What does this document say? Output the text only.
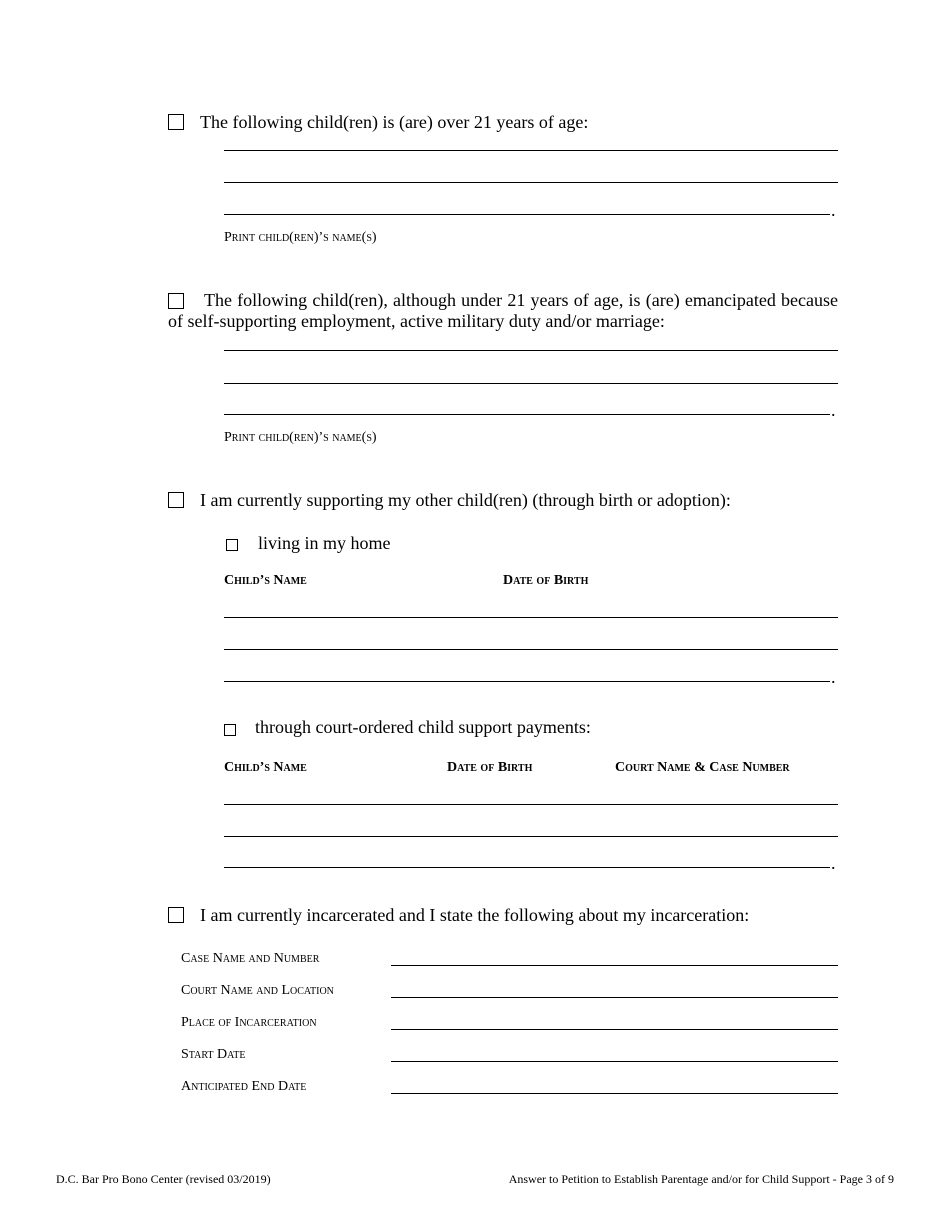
The following child(ren) is (are) over 21 years of age:
.
Print child(ren)’s name(s)
The following child(ren), although under 21 years of age, is (are) emancipated because of self-supporting employment, active military duty and/or marriage:
.
Print child(ren)’s name(s)
I am currently supporting my other child(ren) (through birth or adoption):
living in my home
Child’s Name	Date of Birth
.
through court-ordered child support payments:
Child’s Name	Date of Birth	Court Name & Case Number
.
I am currently incarcerated and I state the following about my incarceration:
Case Name and Number
Court Name and Location
Place of Incarceration
Start Date
Anticipated End Date
D.C. Bar Pro Bono Center (revised 03/2019)	Answer to Petition to Establish Parentage and/or for Child Support - Page 3 of 9
